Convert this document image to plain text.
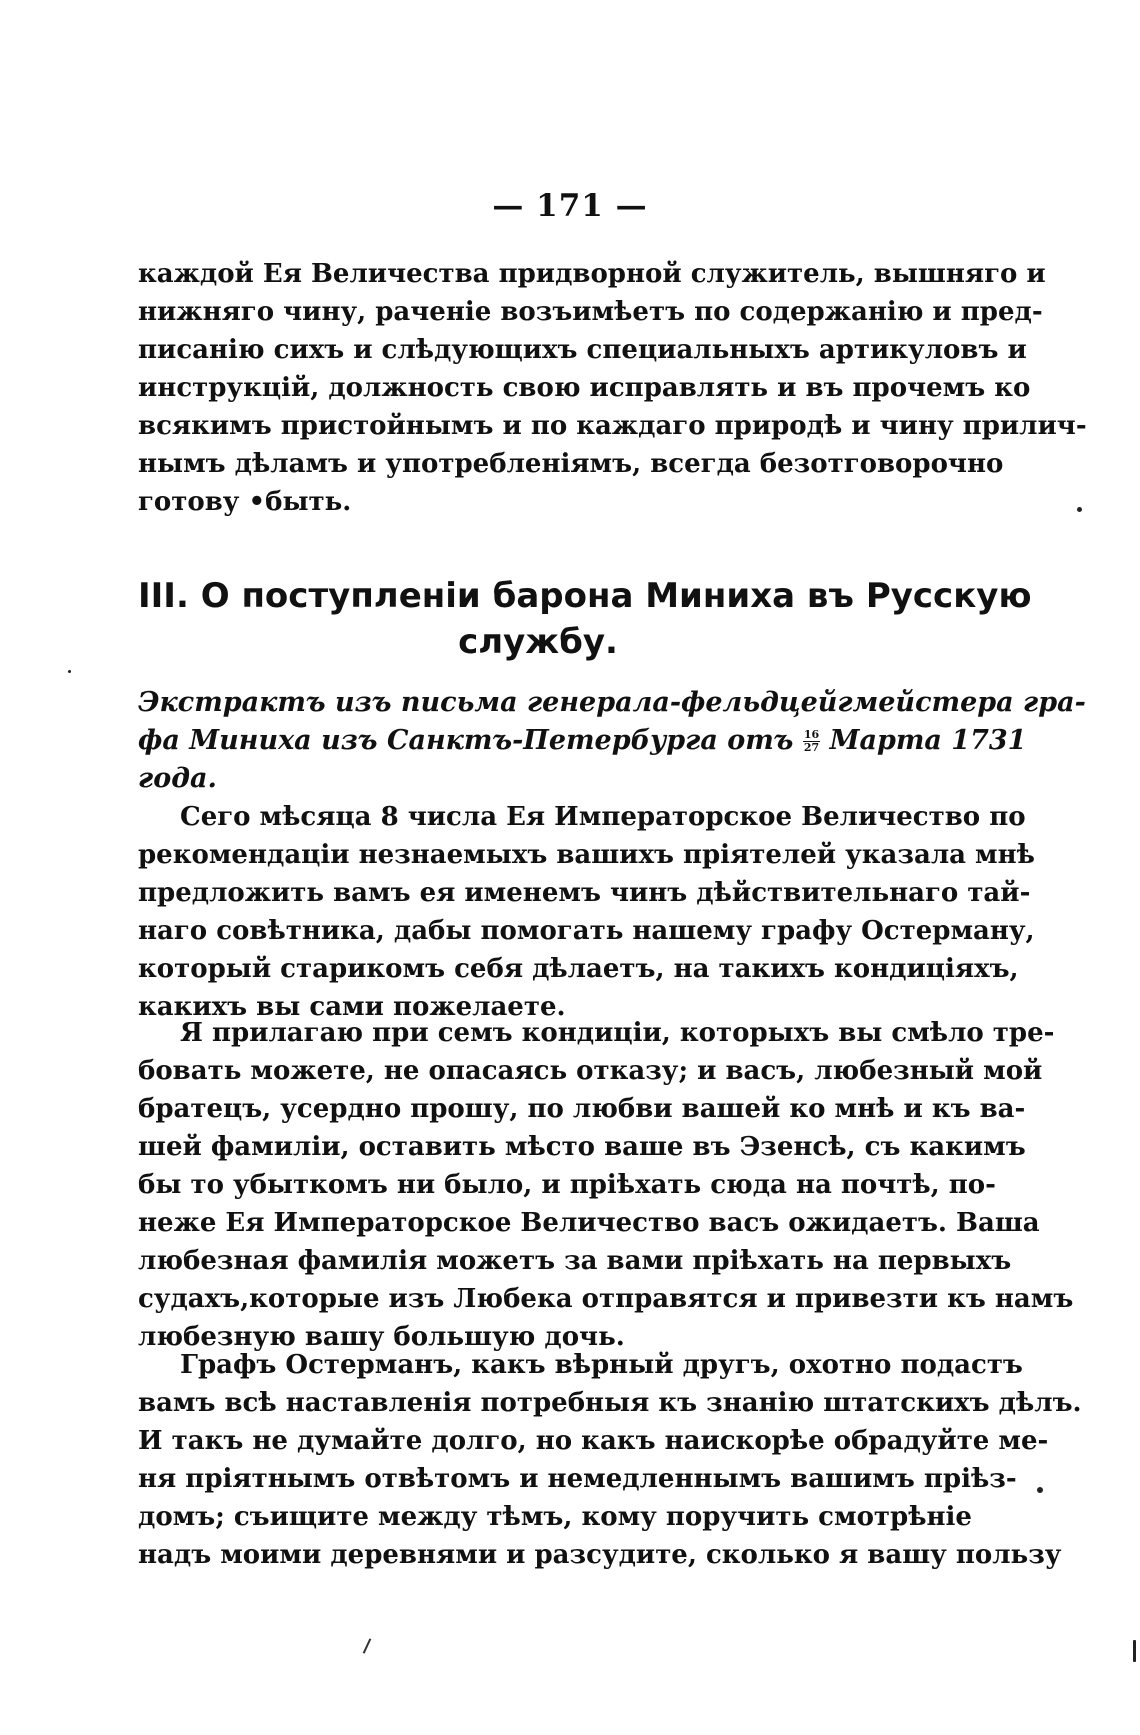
— 171 —
каждой Ея Величества придворной служитель, вышняго и
нижняго чину, раченіе возъимѣетъ по содержанію и пред-
писанію сихъ и слѣдующихъ специальныхъ артикуловъ и
инструкцій, должность свою исправлять и въ прочемъ ко
всякимъ пристойнымъ и по каждаго природѣ и чину прилич-
нымъ дѣламъ и употребленіямъ, всегда безотговорочно
готову •быть.
III. О поступленіи барона Миниха въ Русскую
службу.
Экстрактъ изъ письма генерала-фельдцейгмейстера гра-
фа Миниха изъ Санктъ-Петербурга отъ $\frac{16}{27}$ Марта 1731
года.
Сего мѣсяца 8 числа Ея Императорское Величество по
рекомендаціи незнаемыхъ вашихъ пріятелей указала мнѣ
предложить вамъ ея именемъ чинъ дѣйствительнаго тай-
наго совѣтника, дабы помогать нашему графу Остерману,
который старикомъ себя дѣлаетъ, на такихъ кондиціяхъ,
какихъ вы сами пожелаете.
Я прилагаю при семъ кондиціи, которыхъ вы смѣло тре-
бовать можете, не опасаясь отказу; и васъ, любезный мой
братецъ, усердно прошу, по любви вашей ко мнѣ и къ ва-
шей фамиліи, оставить мѣсто ваше въ Эзенсѣ, съ какимъ
бы то убыткомъ ни было, и пріѣхать сюда на почтѣ, по-
неже Ея Императорское Величество васъ ожидаетъ. Ваша
любезная фамилія можетъ за вами пріѣхать на первыхъ
судахъ,которые изъ Любека отправятся и привезти къ намъ
любезную вашу большую дочь.
Графъ Остерманъ, какъ вѣрный другъ, охотно подастъ
вамъ всѣ наставленія потребныя къ знанію штатскихъ дѣлъ.
И такъ не думайте долго, но какъ наискорѣе обрадуйте ме-
ня пріятнымъ отвѣтомъ и немедленнымъ вашимъ пріѣз-
домъ; съищите между тѣмъ, кому поручить смотрѣніе
надъ моими деревнями и разсудите, сколько я вашу пользу
